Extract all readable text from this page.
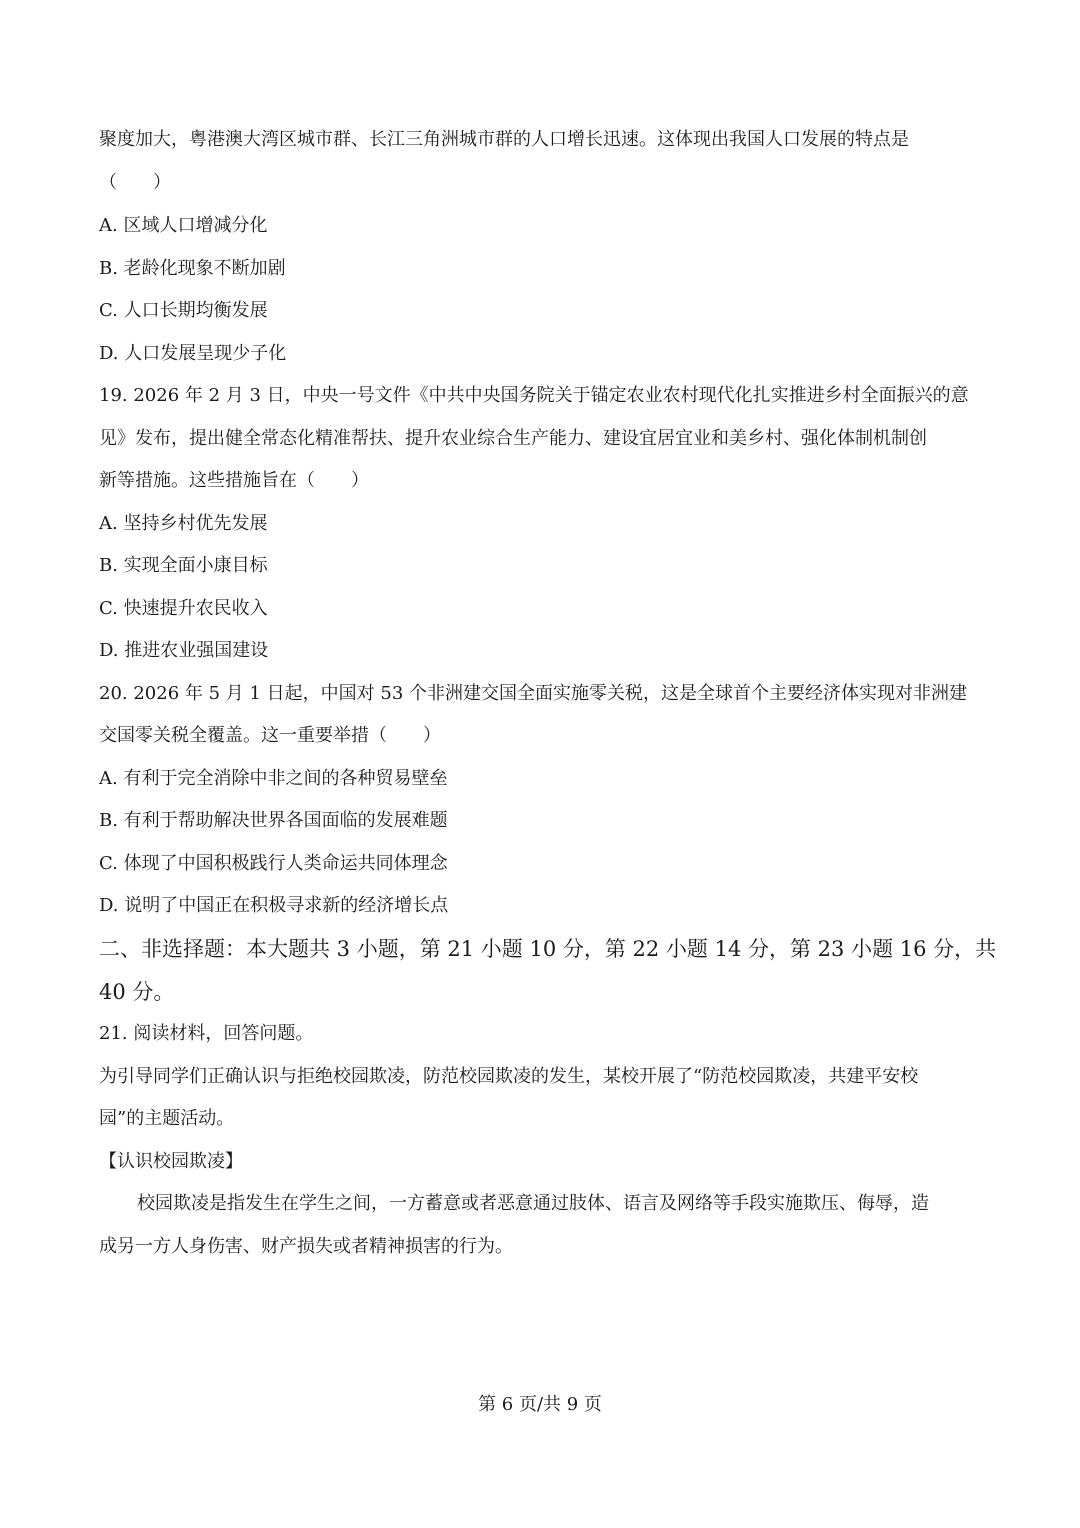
聚度加大，粤港澳大湾区城市群、长江三角洲城市群的人口增长迅速。这体现出我国人口发展的特点是
（　　）
A. 区域人口增减分化
B. 老龄化现象不断加剧
C. 人口长期均衡发展
D. 人口发展呈现少子化
19. 2026 年 2 月 3 日，中央一号文件《中共中央国务院关于锚定农业农村现代化扎实推进乡村全面振兴的意
见》发布，提出健全常态化精准帮扶、提升农业综合生产能力、建设宜居宜业和美乡村、强化体制机制创
新等措施。这些措施旨在（　　）
A. 坚持乡村优先发展
B. 实现全面小康目标
C. 快速提升农民收入
D. 推进农业强国建设
20. 2026 年 5 月 1 日起，中国对 53 个非洲建交国全面实施零关税，这是全球首个主要经济体实现对非洲建
交国零关税全覆盖。这一重要举措（　　）
A. 有利于完全消除中非之间的各种贸易壁垒
B. 有利于帮助解决世界各国面临的发展难题
C. 体现了中国积极践行人类命运共同体理念
D. 说明了中国正在积极寻求新的经济增长点
二、非选择题：本大题共 3 小题，第 21 小题 10 分，第 22 小题 14 分，第 23 小题 16 分，共
40 分。
21. 阅读材料，回答问题。
为引导同学们正确认识与拒绝校园欺凌，防范校园欺凌的发生，某校开展了“防范校园欺凌，共建平安校
园”的主题活动。
【认识校园欺凌】
校园欺凌是指发生在学生之间，一方蓄意或者恶意通过肢体、语言及网络等手段实施欺压、侮辱，造
成另一方人身伤害、财产损失或者精神损害的行为。
第 6 页/共 9 页
